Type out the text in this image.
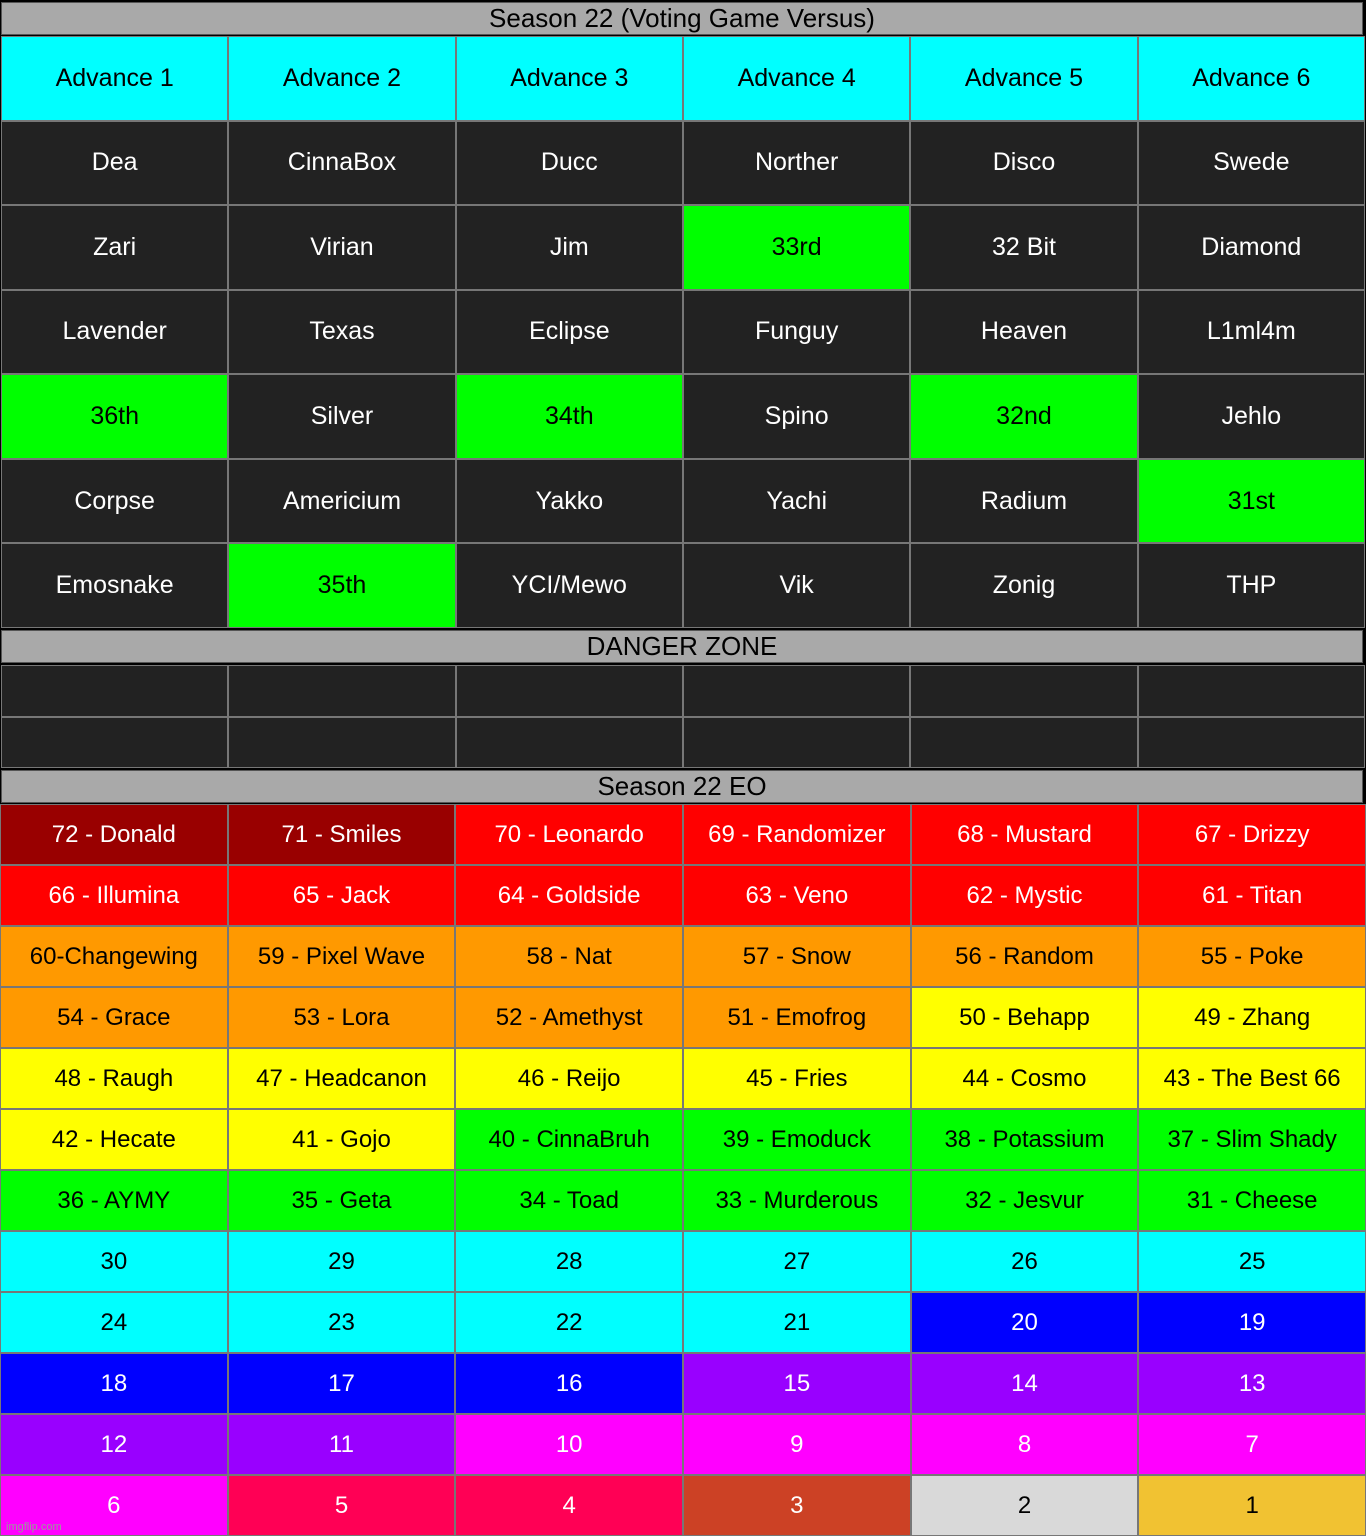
Season 22 (Voting Game Versus)
Advance 1	Advance 2	Advance 3	Advance 4	Advance 5	Advance 6
Dea	CinnaBox	Ducc	Norther	Disco	Swede
Zari	Virian	Jim	33rd	32 Bit	Diamond
Lavender	Texas	Eclipse	Funguy	Heaven	L1ml4m
36th	Silver	34th	Spino	32nd	Jehlo
Corpse	Americium	Yakko	Yachi	Radium	31st
Emosnake	35th	YCI/Mewo	Vik	Zonig	THP
DANGER ZONE
Season 22 EO
72 - Donald	71 - Smiles	70 - Leonardo	69 - Randomizer	68 - Mustard	67 - Drizzy
66 - Illumina	65 - Jack	64 - Goldside	63 - Veno	62 - Mystic	61 - Titan
60-Changewing	59 - Pixel Wave	58 - Nat	57 - Snow	56 - Random	55 - Poke
54 - Grace	53 - Lora	52 - Amethyst	51 - Emofrog	50 - Behapp	49 - Zhang
48 - Raugh	47 - Headcanon	46 - Reijo	45 - Fries	44 - Cosmo	43 - The Best 66
42 - Hecate	41 - Gojo	40 - CinnaBruh	39 - Emoduck	38 - Potassium	37 - Slim Shady
36 - AYMY	35 - Geta	34 - Toad	33 - Murderous	32 - Jesvur	31 - Cheese
30	29	28	27	26	25
24	23	22	21	20	19
18	17	16	15	14	13
12	11	10	9	8	7
6	5	4	3	2	1
imgflip.com
